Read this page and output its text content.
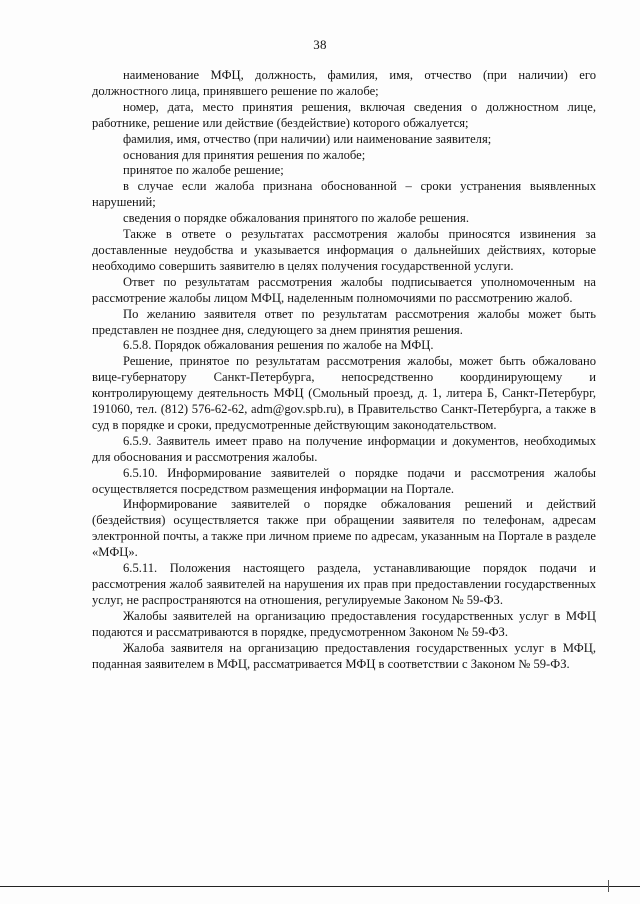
38

наименование МФЦ, должность, фамилия, имя, отчество (при наличии) его должностного лица, принявшего решение по жалобе;

номер, дата, место принятия решения, включая сведения о должностном лице, работнике, решение или действие (бездействие) которого обжалуется;

фамилия, имя, отчество (при наличии) или наименование заявителя;

основания для принятия решения по жалобе;

принятое по жалобе решение;

в случае если жалоба признана обоснованной – сроки устранения выявленных нарушений;

сведения о порядке обжалования принятого по жалобе решения.

Также в ответе о результатах рассмотрения жалобы приносятся извинения за доставленные неудобства и указывается информация о дальнейших действиях, которые необходимо совершить заявителю в целях получения государственной услуги.

Ответ по результатам рассмотрения жалобы подписывается уполномоченным на рассмотрение жалобы лицом МФЦ, наделенным полномочиями по рассмотрению жалоб.

По желанию заявителя ответ по результатам рассмотрения жалобы может быть представлен не позднее дня, следующего за днем принятия решения.

6.5.8. Порядок обжалования решения по жалобе на МФЦ.

Решение, принятое по результатам рассмотрения жалобы, может быть обжаловано вице-губернатору Санкт-Петербурга, непосредственно координирующему и контролирующему деятельность МФЦ (Смольный проезд, д. 1, литера Б, Санкт-Петербург, 191060, тел. (812) 576-62-62, adm@gov.spb.ru), в Правительство Санкт-Петербурга, а также в суд в порядке и сроки, предусмотренные действующим законодательством.

6.5.9. Заявитель имеет право на получение информации и документов, необходимых для обоснования и рассмотрения жалобы.

6.5.10. Информирование заявителей о порядке подачи и рассмотрения жалобы осуществляется посредством размещения информации на Портале.

Информирование заявителей о порядке обжалования решений и действий (бездействия) осуществляется также при обращении заявителя по телефонам, адресам электронной почты, а также при личном приеме по адресам, указанным на Портале в разделе «МФЦ».

6.5.11. Положения настоящего раздела, устанавливающие порядок подачи и рассмотрения жалоб заявителей на нарушения их прав при предоставлении государственных услуг, не распространяются на отношения, регулируемые Законом № 59-ФЗ.

Жалобы заявителей на организацию предоставления государственных услуг в МФЦ подаются и рассматриваются в порядке, предусмотренном Законом № 59-ФЗ.

Жалоба заявителя на организацию предоставления государственных услуг в МФЦ, поданная заявителем в МФЦ, рассматривается МФЦ в соответствии с Законом № 59-ФЗ.
